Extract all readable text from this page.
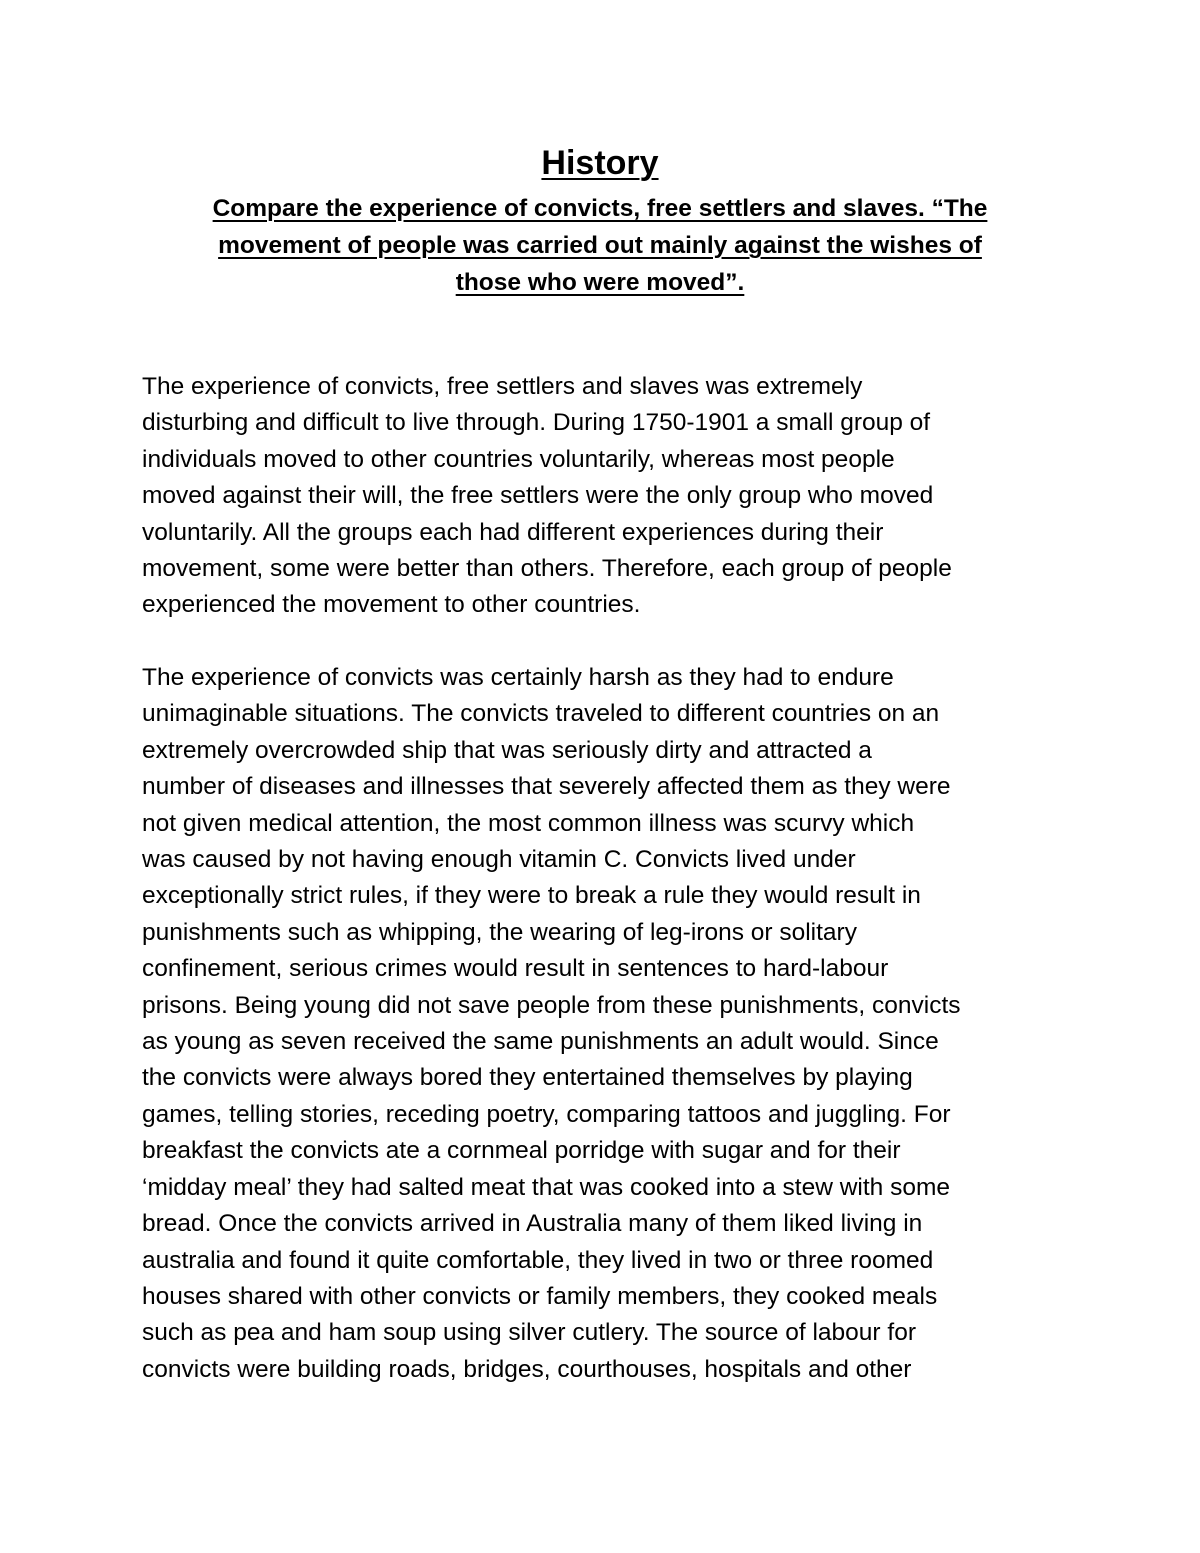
History
Compare the experience of convicts, free settlers and slaves. “The
movement of people was carried out mainly against the wishes of
those who were moved”.

The experience of convicts, free settlers and slaves was extremely
disturbing and difficult to live through. During 1750-1901 a small group of
individuals moved to other countries voluntarily, whereas most people
moved against their will, the free settlers were the only group who moved
voluntarily. All the groups each had different experiences during their
movement, some were better than others. Therefore, each group of people
experienced the movement to other countries.

The experience of convicts was certainly harsh as they had to endure
unimaginable situations. The convicts traveled to different countries on an
extremely overcrowded ship that was seriously dirty and attracted a
number of diseases and illnesses that severely affected them as they were
not given medical attention, the most common illness was scurvy which
was caused by not having enough vitamin C. Convicts lived under
exceptionally strict rules, if they were to break a rule they would result in
punishments such as whipping, the wearing of leg-irons or solitary
confinement, serious crimes would result in sentences to hard-labour
prisons. Being young did not save people from these punishments, convicts
as young as seven received the same punishments an adult would. Since
the convicts were always bored they entertained themselves by playing
games, telling stories, receding poetry, comparing tattoos and juggling. For
breakfast the convicts ate a cornmeal porridge with sugar and for their
‘midday meal’ they had salted meat that was cooked into a stew with some
bread. Once the convicts arrived in Australia many of them liked living in
australia and found it quite comfortable, they lived in two or three roomed
houses shared with other convicts or family members, they cooked meals
such as pea and ham soup using silver cutlery. The source of labour for
convicts were building roads, bridges, courthouses, hospitals and other
